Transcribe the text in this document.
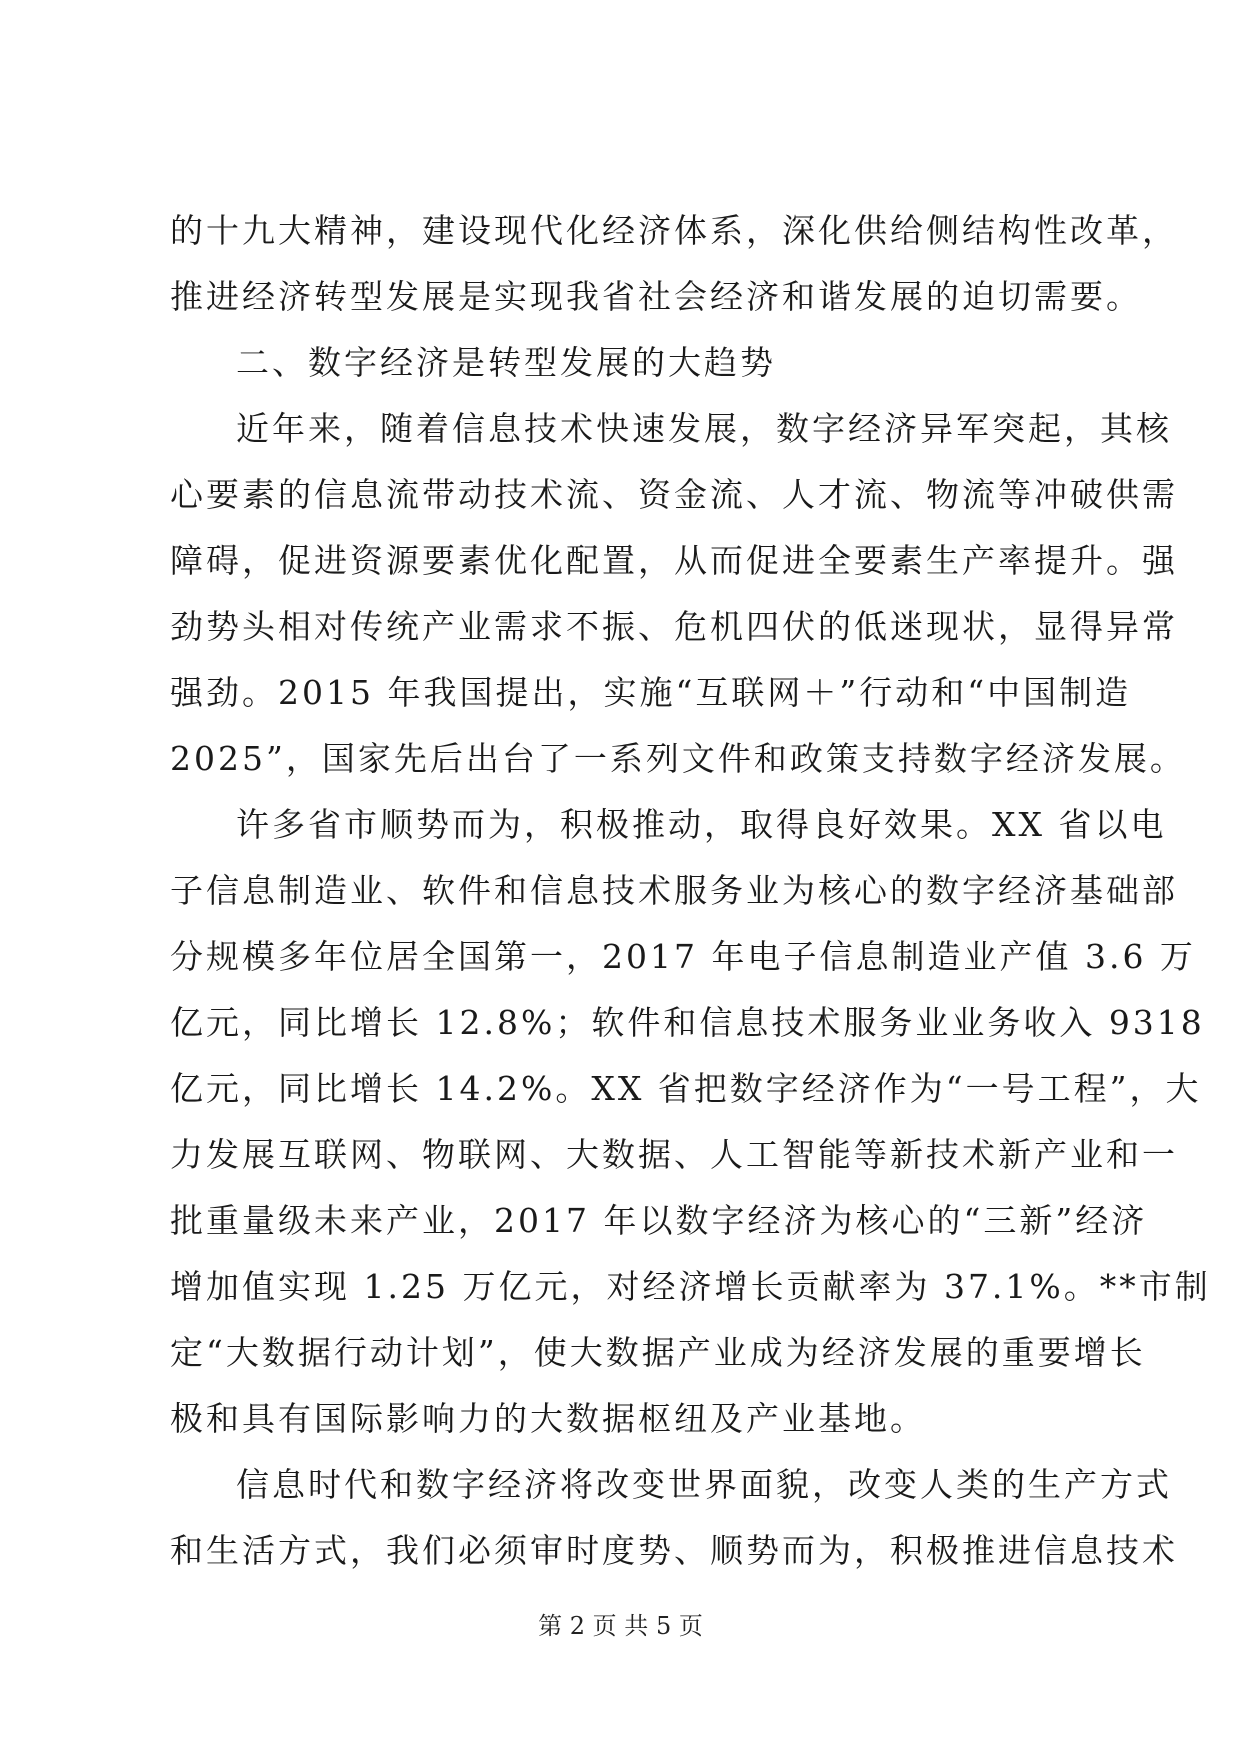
的十九大精神，建设现代化经济体系，深化供给侧结构性改革，
推进经济转型发展是实现我省社会经济和谐发展的迫切需要。
二、数字经济是转型发展的大趋势
近年来，随着信息技术快速发展，数字经济异军突起，其核
心要素的信息流带动技术流、资金流、人才流、物流等冲破供需
障碍，促进资源要素优化配置，从而促进全要素生产率提升。强
劲势头相对传统产业需求不振、危机四伏的低迷现状，显得异常
强劲。2015 年我国提出，实施“互联网＋”行动和“中国制造
2025”，国家先后出台了一系列文件和政策支持数字经济发展。
许多省市顺势而为，积极推动，取得良好效果。XX 省以电
子信息制造业、软件和信息技术服务业为核心的数字经济基础部
分规模多年位居全国第一，2017 年电子信息制造业产值 3.6 万
亿元，同比增长 12.8%；软件和信息技术服务业业务收入 9318
亿元，同比增长 14.2%。XX 省把数字经济作为“一号工程”，大
力发展互联网、物联网、大数据、人工智能等新技术新产业和一
批重量级未来产业，2017 年以数字经济为核心的“三新”经济
增加值实现 1.25 万亿元，对经济增长贡献率为 37.1%。**市制
定“大数据行动计划”，使大数据产业成为经济发展的重要增长
极和具有国际影响力的大数据枢纽及产业基地。
信息时代和数字经济将改变世界面貌，改变人类的生产方式
和生活方式，我们必须审时度势、顺势而为，积极推进信息技术
第 2 页 共 5 页
